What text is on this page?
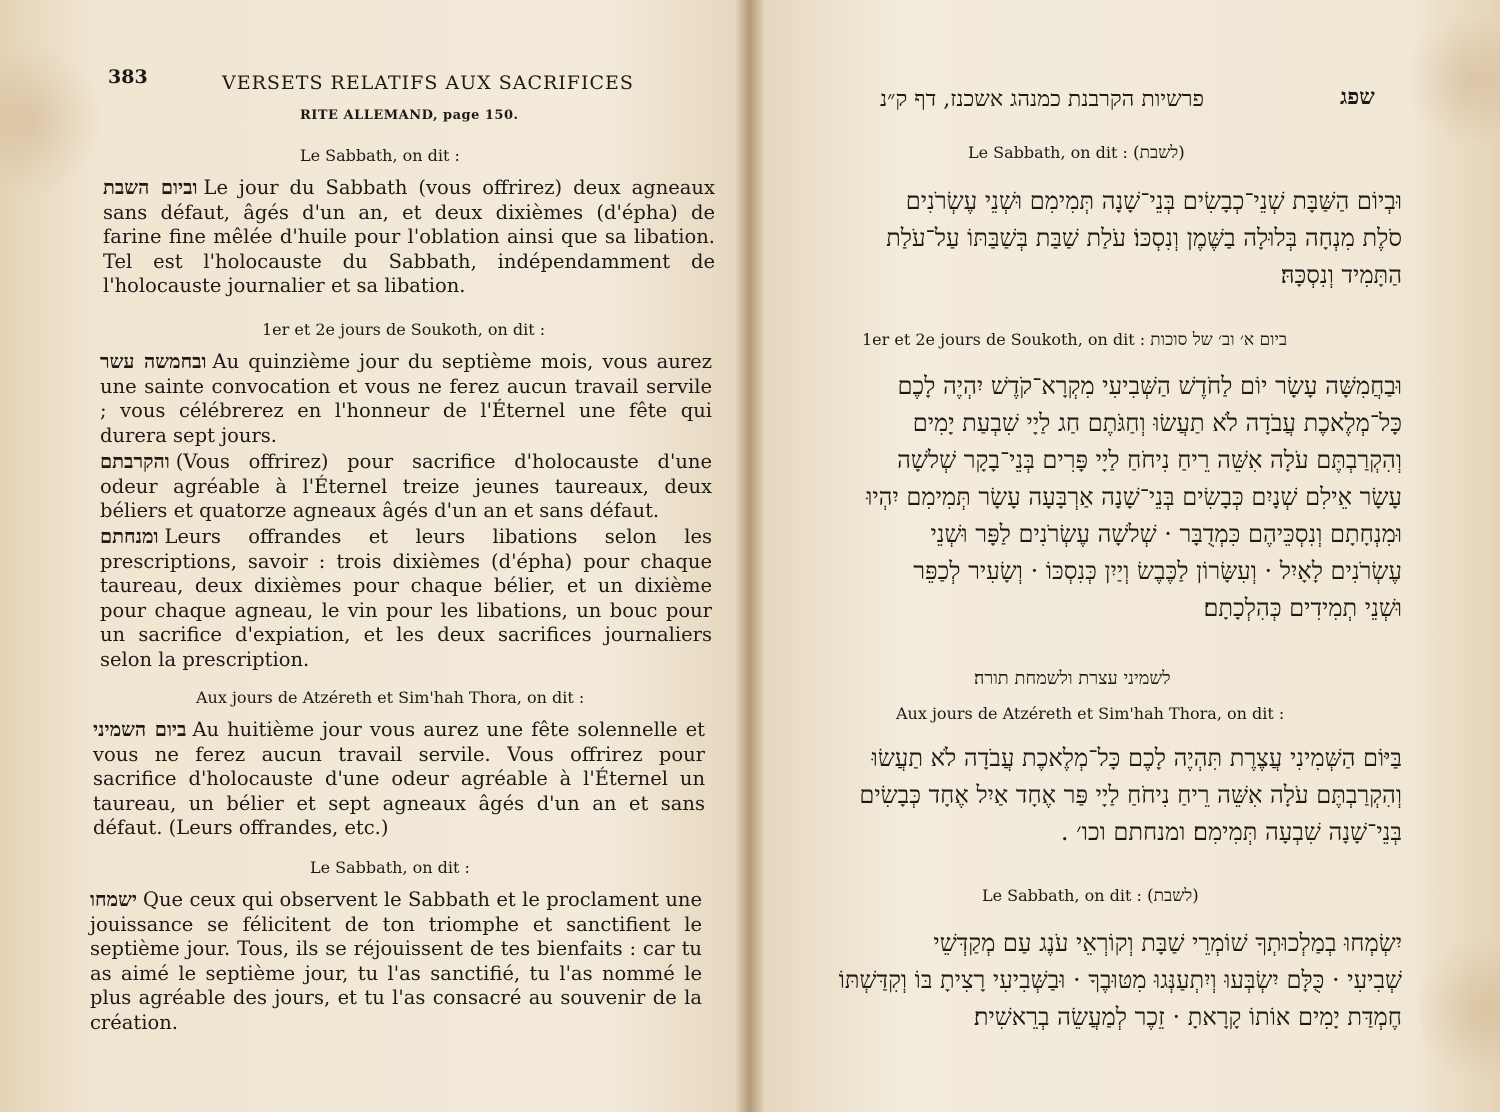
383	VERSETS RELATIFS AUX SACRIFICES
RITE ALLEMAND, page 150.
Le Sabbath, on dit :
וביום השבת Le jour du Sabbath (vous offrirez) deux agneaux sans défaut, âgés d'un an, et deux dixièmes (d'épha) de farine fine mêlée d'huile pour l'oblation ainsi que sa libation. Tel est l'holocauste du Sabbath, indépendamment de l'holocauste journalier et sa libation.
1er et 2e jours de Soukoth, on dit :
ובחמשה עשר Au quinzième jour du septième mois, vous aurez une sainte convocation et vous ne ferez aucun travail servile ; vous célébrerez en l'honneur de l'Éternel une fête qui durera sept jours.
והקרבתם (Vous offrirez) pour sacrifice d'holocauste d'une odeur agréable à l'Éternel treize jeunes taureaux, deux béliers et quatorze agneaux âgés d'un an et sans défaut.
ומנחתם Leurs offrandes et leurs libations selon les prescriptions, savoir : trois dixièmes (d'épha) pour chaque taureau, deux dixièmes pour chaque bélier, et un dixième pour chaque agneau, le vin pour les libations, un bouc pour un sacrifice d'expiation, et les deux sacrifices journaliers selon la prescription.
Aux jours de Atzéreth et Sim'hah Thora, on dit :
ביום השמיני Au huitième jour vous aurez une fête solennelle et vous ne ferez aucun travail servile. Vous offrirez pour sacrifice d'holocauste d'une odeur agréable à l'Éternel un taureau, un bélier et sept agneaux âgés d'un an et sans défaut. (Leurs offrandes, etc.)
Le Sabbath, on dit :
ישמחו Que ceux qui observent le Sabbath et le proclament une jouissance se félicitent de ton triomphe et sanctifient le septième jour. Tous, ils se réjouissent de tes bienfaits : car tu as aimé le septième jour, tu l'as sanctifié, tu l'as nommé le plus agréable des jours, et tu l'as consacré au souvenir de la création.
שפג
פרשיות הקרבנת כמנהג אשכנז, דף ק״נ
Le Sabbath, on dit : (לשבת)
וּבְיוֹם הַשַּׁבָּת שְׁנֵי־כְבָשִׂים בְּנֵי־שָׁנָה תְּמִימִם וּשְׁנֵי עֶשְׂרֹנִים
סֹלֶת מִנְחָה בְּלוּלָה בַשֶּׁמֶן וְנִסְכּוֹ׃ עֹלַת שַׁבַּת בְּשַׁבַּתּוֹ עַל־עֹלַת
הַתָּמִיד וְנִסְכָּהּ׃
1er et 2e jours de Soukoth, on dit : ביום א׳ וב׳ של סוכות
וּבַחֲמִשָּׁה עָשָׂר יוֹם לַחֹדֶשׁ הַשְּׁבִיעִי מִקְרָא־קֹדֶשׁ יִהְיֶה לָכֶם
כָּל־מְלֶאכֶת עֲבֹדָה לֹא תַעֲשׂוּ וְחַגֹּתֶם חַג לַיָי שִׁבְעַת יָמִים
וְהִקְרַבְתֶּם עֹלָה אִשֵּׁה רֵיחַ נִיחֹחַ לַיָי פָּרִים בְּנֵי־בָקָר שְׁלשָׁה
עָשָׂר אֵילִם שְׁנָיִם כְּבָשִׂים בְּנֵי־שָׁנָה אַרְבָּעָה עָשָׂר תְּמִימִם יִהְיוּ
וּמִנְחָתָם וְנִסְכֵּיהֶם כִּמְדֻבָּר · שְׁלשָׁה עֶשְׂרֹנִים לַפָּר וּשְׁנֵי
עֶשְׂרֹנִים לָאָיִל · וְעִשָּׂרוֹן לַכֶּבֶשׂ וְיַיִן כְּנִסְכּוֹ · וְשָׂעִיר לְכַפֵּר
וּשְׁנֵי תְמִידִים כְּהִלְכָתָם׃
לשמיני עצרת ולשמחת תורה׃
Aux jours de Atzéreth et Sim'hah Thora, on dit :
בַּיּוֹם הַשְּׁמִינִי עֲצֶרֶת תִּהְיֶה לָכֶם כָּל־מְלֶאכֶת עֲבֹדָה לֹא תַעֲשׂוּ
וְהִקְרַבְתֶּם עֹלָה אִשֵּׁה רֵיחַ נִיחֹחַ לַיָי פַּר אֶחָד אַיִל אֶחָד כְּבָשִׂים
בְּנֵי־שָׁנָה שִׁבְעָה תְּמִימִם׃ ומנחתם וכו׳ .
Le Sabbath, on dit : (לשבת)
יִשְׂמְחוּ בְמַלְכוּתְךָ שׁוֹמְרֵי שַׁבָּת וְקוֹרְאֵי עֹנֶג עַם מְקַדְּשֵׁי
שְׁבִיעִי · כֻּלָּם יִשְׂבְּעוּ וְיִתְעַנְּגוּ מִטּוּבֶךָ · וּבַשְּׁבִיעִי רָצִיתָ בּוֹ וְקִדַּשְׁתּוֹ
חֶמְדַּת יָמִים אוֹתוֹ קָרָאתָ · זֵכֶר לְמַעֲשֵׂה בְרֵאשִׁית׃
